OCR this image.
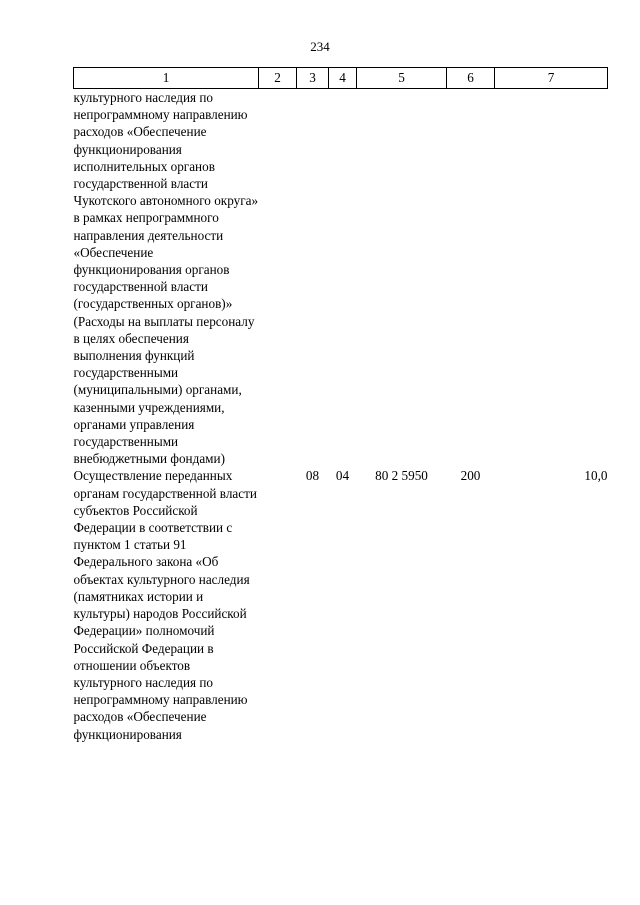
234
1	2	3	4	5	6	7
культурного наследия по непрограммному направлению расходов «Обеспечение функционирования исполнительных органов государственной власти Чукотского автономного округа» в рамках непрограммного направления деятельности «Обеспечение функционирования органов государственной власти (государственных органов)» (Расходы на выплаты персоналу в целях обеспечения выполнения функций государственными (муниципальными) органами, казенными учреждениями, органами управления государственными внебюджетными фондами)						
Осуществление переданных органам государственной власти субъектов Российской Федерации в соответствии с пунктом 1 статьи 91 Федерального закона «Об объектах культурного наследия (памятниках истории и культуры) народов Российской Федерации» полномочий Российской Федерации в отношении объектов культурного наследия по непрограммному направлению расходов «Обеспечение функционирования		08	04	80 2 5950	200	10,0
